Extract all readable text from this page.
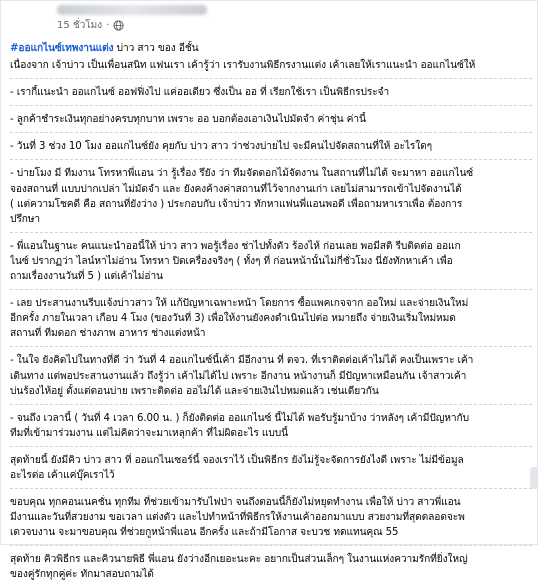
15 ชั่วโมง ·
#ออแกไนซ์เทพงานแต่ง บ่าว สาว ของ อีชั้น
เนื่องจาก เจ้าบ่าว เป็นเพื่อนสนิท แฟนเรา เค้ารู้ว่า เรารับงานพิธีกรงานแต่ง เค้าเลยให้เราแนะนำ ออแกไนซ์ให้
- เรากี้แนะนำ ออแกไนซ์ ออฟฟิ่งไป แค่ออเดียว ซึ่งเป็น ออ ที่ เรียกใช้เรา เป็นพิธีกรประจำ
- ลูกค้าชำระเงินทุกอย่างครบทุกบาท เพราะ ออ บอกต้องเอาเงินไปมัดจำ ค่าชุ่น ค่านี้
- วันที่ 3 ช่วง 10 โมง ออแกไนซ์ยัง คุยกับ บ่าว สาว ว่าช่วงบ่ายไป จะมีคนไปจัดสถานที่ให้ อะไรใดๆ
- บ่ายโมง มี ทีมงาน โทรหาพี่แอน ว่า รู้เรื่อง รึยัง ว่า ทีมจัดดอกไม้จัดงาน ในสถานที่ไม่ได้ จะมาหา ออแกไนซ์
จองสถานที่ แบบปากเปล่า ไม่มัดจำ และ ยังคงค้างค่าสถานที่ไว้จากงานเก่า เลยไม่สามารถเข้าไปจัดงานได้
( แต่ความโชคดี คือ สถานที่ยังว่าง ) ประกอบกับ เจ้าบ่าว ทักหาแฟนพี่แอนพอดี เพื่อถามหาเราเพื่อ ต้องการ
ปรึกษา
- พี่แอนในฐานะ คนแนะนำออนี้ให้ บ่าว สาว พอรู้เรื่อง ช่าไปทั้งตัว ร้องไห้ ก่อนเลย พอมีสติ รีบติดต่อ ออแก
ไนซ์ ปรากฏว่า ไลน์หาไม่อ่าน โทรหา ปิดเครื่องจริงๆ ( ทั้งๆ ที่ ก่อนหน้านั้นไม่กี่ชั่วโมง นี่ยังทักหาเค้า เพื่อ
ถามเรื่องงานวันที่ 5 ) แต่เค้าไม่อ่าน
- เลย ประสานงานรีบแจ้งบ่าวสาว ให้ แก้ปัญหาเฉพาะหน้า โดยการ ซื้อแพคเกจจาก ออใหม่ และจ่ายเงินใหม่
อีกครั้ง ภายในเวลา เกือบ 4 โมง (ของวันที่ 3) เพื่อให้งานยังคงดำเนินไปต่อ หมายถึง จ่ายเงินเริ่มใหม่หมด
สถานที่ ทีมดอก ช่างภาพ อาหาร ช่างแต่งหน้า
- ในใจ ยังคิดไปในทางที่ดี ว่า วันที่ 4 ออแกไนซ์นี้เค้า มีอีกงาน ที่ ตจว. ที่เราติดต่อเค้าไม่ได้ คงเป็นเพราะ เค้า
เดินทาง แต่พอประสานงานแล้ว ถึงรู้ว่า เค้าไม่ได้ไป เพราะ อีกงาน หน้างานก็ มีปัญหาเหมือนกัน เจ้าสาวเค้า
บ่นร้องไห้อยู่ ตั้งแต่ตอนบ่าย เพราะติดต่อ ออไม่ได้ และจ่ายเงินไปหมดแล้ว เช่นเดียวกัน
- จนถึง เวลานี้ ( วันที่ 4 เวลา 6.00 น. ) ก็ยังติดต่อ ออแกไนซ์ นี้ไม่ได้ พอรับรู้มาบ้าง ว่าหลังๆ เค้ามีปัญหากับ
ทีมที่เข้ามาร่วมงาน แต่ไม่คิดว่าจะมาเหลุกค้า ที่ไม่ผิดอะไร แบบนี้
สุดท้ายนี้ ยังมีคิว บ่าว สาว ที่ ออแกไนเซอร์นี้ จองเราไว้ เป็นพิธีกร ยังไม่รู้จะจัดการยังไงดี เพราะ ไม่มีข้อมูล
อะไรต่อ เค้าแค่บุ๊คเราไว้
ขอบคุณ ทุกคอนเนคชั่น ทุกทีม ที่ช่วยเข้ามารับไฟป่า จนถึงตอนนี้ก็ยังไม่หยุดทำงาน เพื่อให้ บ่าว สาวพี่แอน
มีงานและวันที่สวยงาม ขอเวลา แต่งตัว และไปทำหน้าที่พิธีกรให้งานเค้าออกมาแบบ สวยงามที่สุดตลอดจะพ
เดวจบงาน จะมาขอบคุณ ที่ช่วยกูหน้าพี่แอน อีกครั้ง และถ้ามีโอกาส จะบวช ทดแทนคุณ 55
สุดท้าย คิวพิธีกร และคิวนายพิธี พี่แอน ยังว่างอีกเยอะนะคะ อยากเป็นส่วนเล็กๆ ในงานแห่งความรักที่ยิ่งใหญ่
ของคู่รักทุกคู่ค่ะ ทักมาสอบถามได้
